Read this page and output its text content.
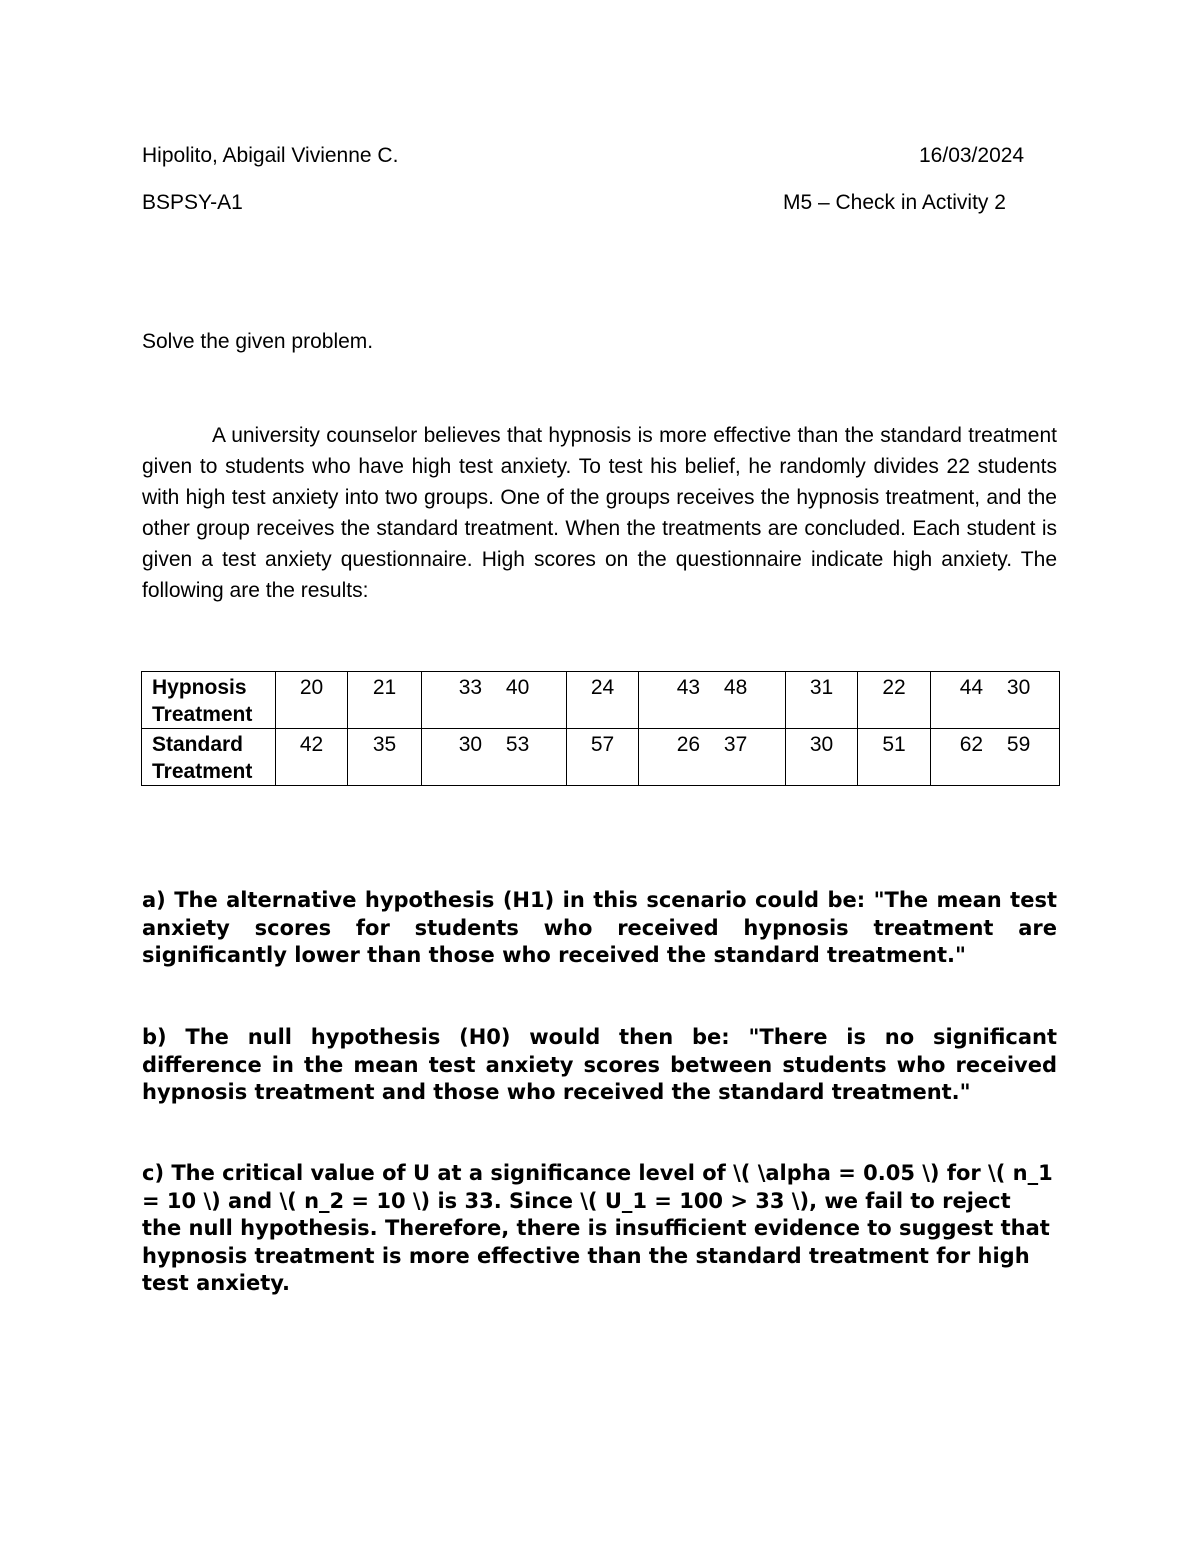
Hipolito, Abigail Vivienne C.	16/03/2024
BSPSY-A1	M5 – Check in Activity 2
Solve the given problem.

A university counselor believes that hypnosis is more effective than the standard treatment given to students who have high test anxiety. To test his belief, he randomly divides 22 students with high test anxiety into two groups. One of the groups receives the hypnosis treatment, and the other group receives the standard treatment. When the treatments are concluded. Each student is given a test anxiety questionnaire. High scores on the questionnaire indicate high anxiety. The following are the results:

Hypnosis Treatment	20	21	33 40	24	43 48	31	22	44 30
Standard Treatment	42	35	30 53	57	26 37	30	51	62 59

a) The alternative hypothesis (H1) in this scenario could be: "The mean test anxiety scores for students who received hypnosis treatment are significantly lower than those who received the standard treatment."

b) The null hypothesis (H0) would then be: "There is no significant difference in the mean test anxiety scores between students who received hypnosis treatment and those who received the standard treatment."

c) The critical value of U at a significance level of \( \alpha = 0.05 \) for \( n_1 = 10 \) and \( n_2 = 10 \) is 33. Since \( U_1 = 100 > 33 \), we fail to reject the null hypothesis. Therefore, there is insufficient evidence to suggest that hypnosis treatment is more effective than the standard treatment for high test anxiety.
